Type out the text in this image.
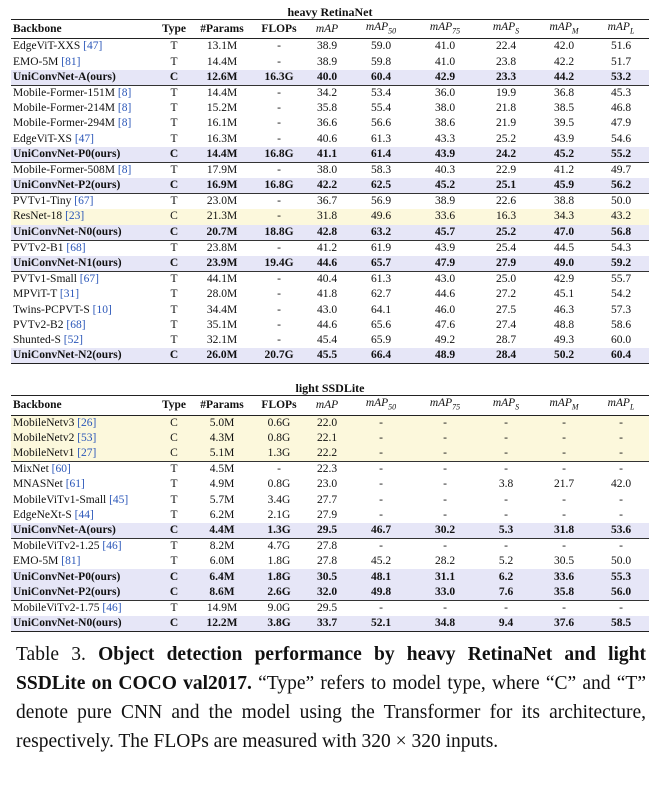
heavy RetinaNet

Backbone	Type	#Params	FLOPs	mAP	mAP$_{50}$	mAP$_{75}$	mAP$_S$	mAP$_M$	mAP$_L$
EdgeViT-XXS [47]	T	13.1M	-	38.9	59.0	41.0	22.4	42.0	51.6
EMO-5M [81]	T	14.4M	-	38.9	59.8	41.0	23.8	42.2	51.7
UniConvNet-A(ours)	C	12.6M	16.3G	40.0	60.4	42.9	23.3	44.2	53.2
Mobile-Former-151M [8]	T	14.4M	-	34.2	53.4	36.0	19.9	36.8	45.3
Mobile-Former-214M [8]	T	15.2M	-	35.8	55.4	38.0	21.8	38.5	46.8
Mobile-Former-294M [8]	T	16.1M	-	36.6	56.6	38.6	21.9	39.5	47.9
EdgeViT-XS [47]	T	16.3M	-	40.6	61.3	43.3	25.2	43.9	54.6
UniConvNet-P0(ours)	C	14.4M	16.8G	41.1	61.4	43.9	24.2	45.2	55.2
Mobile-Former-508M [8]	T	17.9M	-	38.0	58.3	40.3	22.9	41.2	49.7
UniConvNet-P2(ours)	C	16.9M	16.8G	42.2	62.5	45.2	25.1	45.9	56.2
PVTv1-Tiny [67]	T	23.0M	-	36.7	56.9	38.9	22.6	38.8	50.0
ResNet-18 [23]	C	21.3M	-	31.8	49.6	33.6	16.3	34.3	43.2
UniConvNet-N0(ours)	C	20.7M	18.8G	42.8	63.2	45.7	25.2	47.0	56.8
PVTv2-B1 [68]	T	23.8M	-	41.2	61.9	43.9	25.4	44.5	54.3
UniConvNet-N1(ours)	C	23.9M	19.4G	44.6	65.7	47.9	27.9	49.0	59.2
PVTv1-Small [67]	T	44.1M	-	40.4	61.3	43.0	25.0	42.9	55.7
MPViT-T [31]	T	28.0M	-	41.8	62.7	44.6	27.2	45.1	54.2
Twins-PCPVT-S [10]	T	34.4M	-	43.0	64.1	46.0	27.5	46.3	57.3
PVTv2-B2 [68]	T	35.1M	-	44.6	65.6	47.6	27.4	48.8	58.6
Shunted-S [52]	T	32.1M	-	45.4	65.9	49.2	28.7	49.3	60.0
UniConvNet-N2(ours)	C	26.0M	20.7G	45.5	66.4	48.9	28.4	50.2	60.4

light SSDLite

Backbone	Type	#Params	FLOPs	mAP	mAP$_{50}$	mAP$_{75}$	mAP$_S$	mAP$_M$	mAP$_L$
MobileNetv3 [26]	C	5.0M	0.6G	22.0	-	-	-	-	-
MobileNetv2 [53]	C	4.3M	0.8G	22.1	-	-	-	-	-
MobileNetv1 [27]	C	5.1M	1.3G	22.2	-	-	-	-	-
MixNet [60]	T	4.5M	-	22.3	-	-	-	-	-
MNASNet [61]	T	4.9M	0.8G	23.0	-	-	3.8	21.7	42.0
MobileViTv1-Small [45]	T	5.7M	3.4G	27.7	-	-	-	-	-
EdgeNeXt-S [44]	T	6.2M	2.1G	27.9	-	-	-	-	-
UniConvNet-A(ours)	C	4.4M	1.3G	29.5	46.7	30.2	5.3	31.8	53.6
MobileViTv2-1.25 [46]	T	8.2M	4.7G	27.8	-	-	-	-	-
EMO-5M [81]	T	6.0M	1.8G	27.8	45.2	28.2	5.2	30.5	50.0
UniConvNet-P0(ours)	C	6.4M	1.8G	30.5	48.1	31.1	6.2	33.6	55.3
UniConvNet-P2(ours)	C	8.6M	2.6G	32.0	49.8	33.0	7.6	35.8	56.0
MobileViTv2-1.75 [46]	T	14.9M	9.0G	29.5	-	-	-	-	-
UniConvNet-N0(ours)	C	12.2M	3.8G	33.7	52.1	34.8	9.4	37.6	58.5
Table 3. Object detection performance by heavy RetinaNet and light SSDLite on COCO val2017. “Type” refers to model type, where “C” and “T” denote pure CNN and the model using the Transformer for its architecture, respectively. The FLOPs are measured with 320 × 320 inputs.
